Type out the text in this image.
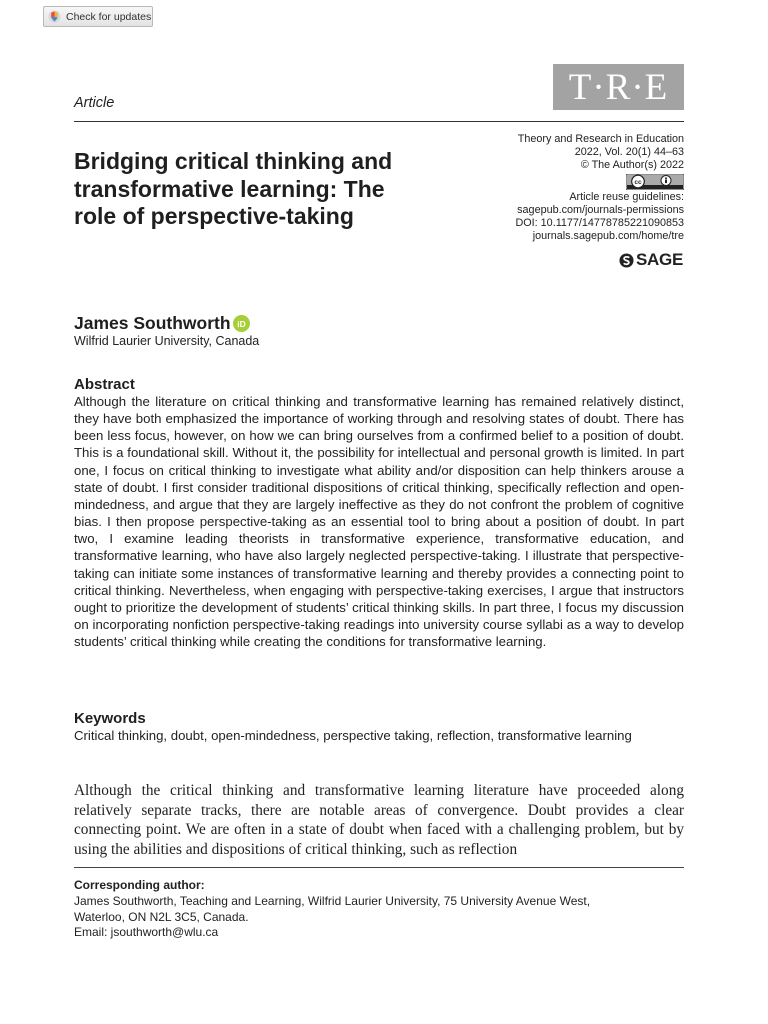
Check for updates
Article	T·R·E
Bridging critical thinking and transformative learning: The role of perspective-taking
Theory and Research in Education
2022, Vol. 20(1) 44–63
© The Author(s) 2022
cc
Article reuse guidelines:
sagepub.com/journals-permissions
DOI: 10.1177/14778785221090853
journals.sagepub.com/home/tre
SAGE
James Southworth iD
Wilfrid Laurier University, Canada
Abstract

Although the literature on critical thinking and transformative learning has remained relatively distinct, they have both emphasized the importance of working through and resolving states of doubt. There has been less focus, however, on how we can bring ourselves from a confirmed belief to a position of doubt. This is a foundational skill. Without it, the possibility for intellectual and personal growth is limited. In part one, I focus on critical thinking to investigate what ability and/or disposition can help thinkers arouse a state of doubt. I first consider traditional dispositions of critical thinking, specifically reflection and open-mindedness, and argue that they are largely ineffective as they do not confront the problem of cognitive bias. I then propose perspective-taking as an essential tool to bring about a position of doubt. In part two, I examine leading theorists in transformative experience, transformative education, and transformative learning, who have also largely neglected perspective-taking. I illustrate that perspective-taking can initiate some instances of transformative learning and thereby provides a connecting point to critical thinking. Nevertheless, when engaging with perspective-taking exercises, I argue that instructors ought to prioritize the development of students’ critical thinking skills. In part three, I focus my discussion on incorporating nonfiction perspective-taking readings into university course syllabi as a way to develop students’ critical thinking while creating the conditions for transformative learning.

Keywords
Critical thinking, doubt, open-mindedness, perspective taking, reflection, transformative learning

Although the critical thinking and transformative learning literature have proceeded along relatively separate tracks, there are notable areas of convergence. Doubt provides a clear connecting point. We are often in a state of doubt when faced with a challenging problem, but by using the abilities and dispositions of critical thinking, such as reflection

Corresponding author:
James Southworth, Teaching and Learning, Wilfrid Laurier University, 75 University Avenue West,
Waterloo, ON N2L 3C5, Canada.
Email: jsouthworth@wlu.ca
